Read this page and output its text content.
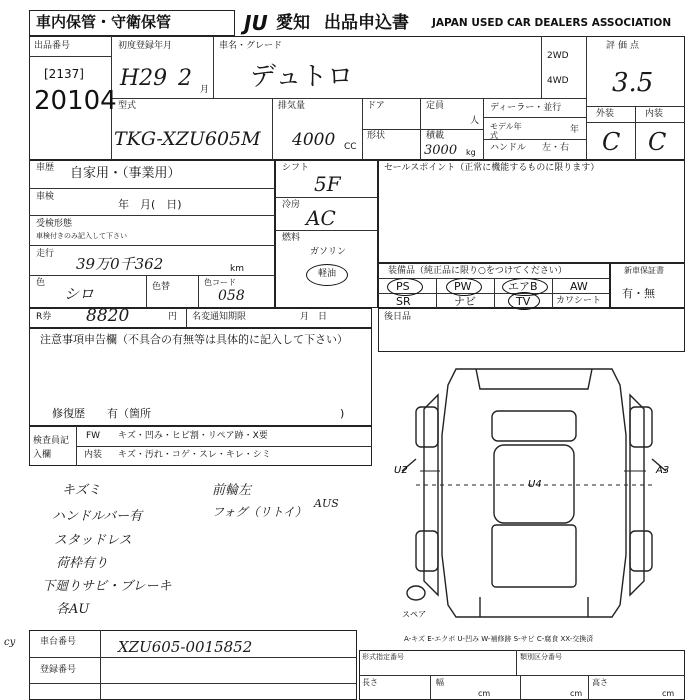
車内保管・守衛保管	JU 愛知 出品申込書 JAPAN USED CAR DEALERS ASSOCIATION
出品番号
[2137]
20104
初度登録年月
H29 2 月
車名・グレード
デュトロ
2WD
4WD
評価点
3.5
外装	内装
C C
型式
TKG-XZU605M
排気量
4000 CC
ドア
形状
定員
人
積載
3000 kg
ディーラー・並行
モデル年式
年
ハンドル 左・右
車歴 自家用・（事業用）
車検
年　月(　日)
受検形態
車検付きのみ記入して下さい
走行
39万0千362	km
色
シロ	色替	色コード
058
シフト
5F
冷房
AC
燃料
ガソリン
軽油
セールスポイント（正常に機能するものに限ります）
装備品（純正品に限り○をつけてください）
PS	PW	エアB	AW
SR	ナビ	TV	カワシート
新車保証書
有・無
R券 8820	円 名変通知期限	月　日	後日品
注意事項申告欄（不具合の有無等は具体的に記入して下さい）
修復歴　　有（箇所	)
検査員記入欄
FW キズ・凹み・ヒビ割・リペア跡・X要
内装 キズ・汚れ・コゲ・スレ・キレ・シミ
キズミ
ハンドルバー有
スタッドレス
荷枠有り
下廻りサビ・ブレーキ
各AU
前輪左
フォグ（リトイ）
AUS
U2
U4
A3
スペア
A-キズ E-エクボ U-凹み W-補修跡 S-サビ C-腐食 XX-交換済
cy	車台番号	XZU605-0015852
登録番号
形式指定番号	類別区分番号
長さ
cm
幅
cm
高さ
cm
